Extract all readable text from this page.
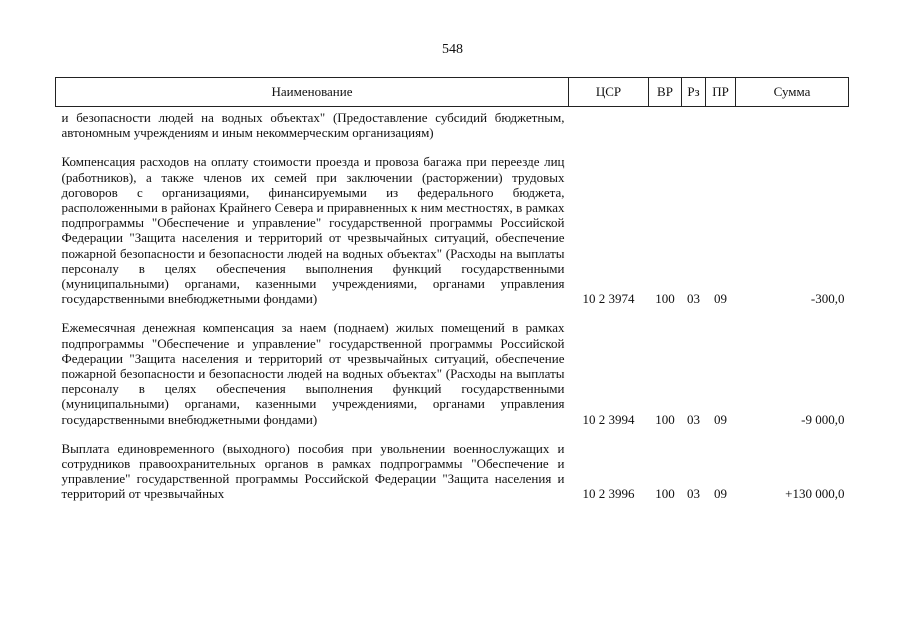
548
Наименование	ЦСР	ВР	Рз	ПР	Сумма

и безопасности людей на водных объектах" (Предоставление субсидий бюджетным, автономным учреждениям и иным некоммерческим организациям)					

Компенсация расходов на оплату стоимости проезда и провоза багажа при переезде лиц (работников), а также членов их семей при заключении (расторжении) трудовых договоров с организациями, финансируемыми из федерального бюджета, расположенными в районах Крайнего Севера и приравненных к ним местностях, в рамках подпрограммы "Обеспечение и управление" государственной программы Российской Федерации "Защита населения и территорий от чрезвычайных ситуаций, обеспечение пожарной безопасности и безопасности людей на водных объектах" (Расходы на выплаты персоналу в целях обеспечения выполнения функций государственными (муниципальными) органами, казенными учреждениями, органами управления государственными внебюджетными фондами)	10 2 3974	100	03	09	-300,0

Ежемесячная денежная компенсация за наем (поднаем) жилых помещений в рамках подпрограммы "Обеспечение и управление" государственной программы Российской Федерации "Защита населения и территорий от чрезвычайных ситуаций, обеспечение пожарной безопасности и безопасности людей на водных объектах" (Расходы на выплаты персоналу в целях обеспечения выполнения функций государственными (муниципальными) органами, казенными учреждениями, органами управления государственными внебюджетными фондами)	10 2 3994	100	03	09	-9 000,0

Выплата единовременного (выходного) пособия при увольнении военнослужащих и сотрудников правоохранительных органов в рамках подпрограммы "Обеспечение и управление" государственной программы Российской Федерации "Защита населения и территорий от чрезвычайных	10 2 3996	100	03	09	+130 000,0
